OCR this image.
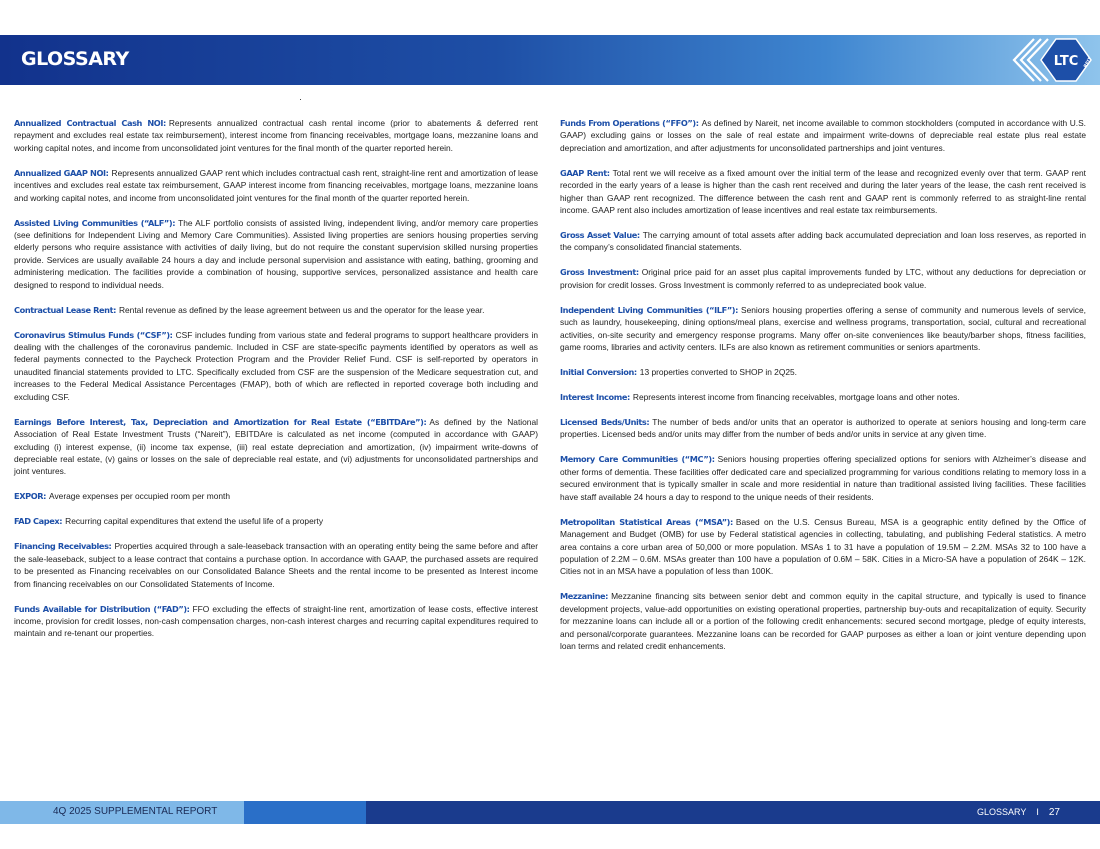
GLOSSARY	LTC REIT

Annualized Contractual Cash NOI: Represents annualized contractual cash rental income (prior to abatements & deferred rent repayment and excludes real estate tax reimbursement), interest income from financing receivables, mortgage loans, mezzanine loans and working capital notes, and income from unconsolidated joint ventures for the final month of the quarter reported herein.

Annualized GAAP NOI: Represents annualized GAAP rent which includes contractual cash rent, straight-line rent and amortization of lease incentives and excludes real estate tax reimbursement, GAAP interest income from financing receivables, mortgage loans, mezzanine loans and working capital notes, and income from unconsolidated joint ventures for the final month of the quarter reported herein.

Assisted Living Communities (“ALF”): The ALF portfolio consists of assisted living, independent living, and/or memory care properties (see definitions for Independent Living and Memory Care Communities). Assisted living properties are seniors housing properties serving elderly persons who require assistance with activities of daily living, but do not require the constant supervision skilled nursing properties provide. Services are usually available 24 hours a day and include personal supervision and assistance with eating, bathing, grooming and administering medication. The facilities provide a combination of housing, supportive services, personalized assistance and health care designed to respond to individual needs.

Contractual Lease Rent: Rental revenue as defined by the lease agreement between us and the operator for the lease year.

Coronavirus Stimulus Funds (“CSF”): CSF includes funding from various state and federal programs to support healthcare providers in dealing with the challenges of the coronavirus pandemic. Included in CSF are state-specific payments identified by operators as well as federal payments connected to the Paycheck Protection Program and the Provider Relief Fund. CSF is self-reported by operators in unaudited financial statements provided to LTC. Specifically excluded from CSF are the suspension of the Medicare sequestration cut, and increases to the Federal Medical Assistance Percentages (FMAP), both of which are reflected in reported coverage both including and excluding CSF.

Earnings Before Interest, Tax, Depreciation and Amortization for Real Estate (“EBITDAre”): As defined by the National Association of Real Estate Investment Trusts (“Nareit”), EBITDAre is calculated as net income (computed in accordance with GAAP) excluding (i) interest expense, (ii) income tax expense, (iii) real estate depreciation and amortization, (iv) impairment write-downs of depreciable real estate, (v) gains or losses on the sale of depreciable real estate, and (vi) adjustments for unconsolidated partnerships and joint ventures.

EXPOR: Average expenses per occupied room per month

FAD Capex: Recurring capital expenditures that extend the useful life of a property

Financing Receivables: Properties acquired through a sale-leaseback transaction with an operating entity being the same before and after the sale-leaseback, subject to a lease contract that contains a purchase option. In accordance with GAAP, the purchased assets are required to be presented as Financing receivables on our Consolidated Balance Sheets and the rental income to be presented as Interest income from financing receivables on our Consolidated Statements of Income.

Funds Available for Distribution (“FAD”): FFO excluding the effects of straight-line rent, amortization of lease costs, effective interest income, provision for credit losses, non-cash compensation charges, non-cash interest charges and recurring capital expenditures required to maintain and re-tenant our properties.

Funds From Operations (“FFO”): As defined by Nareit, net income available to common stockholders (computed in accordance with U.S. GAAP) excluding gains or losses on the sale of real estate and impairment write-downs of depreciable real estate plus real estate depreciation and amortization, and after adjustments for unconsolidated partnerships and joint ventures.

GAAP Rent: Total rent we will receive as a fixed amount over the initial term of the lease and recognized evenly over that term. GAAP rent recorded in the early years of a lease is higher than the cash rent received and during the later years of the lease, the cash rent received is higher than GAAP rent recognized. The difference between the cash rent and GAAP rent is commonly referred to as straight-line rental income. GAAP rent also includes amortization of lease incentives and real estate tax reimbursements.

Gross Asset Value: The carrying amount of total assets after adding back accumulated depreciation and loan loss reserves, as reported in the company’s consolidated financial statements.

Gross Investment: Original price paid for an asset plus capital improvements funded by LTC, without any deductions for depreciation or provision for credit losses. Gross Investment is commonly referred to as undepreciated book value.

Independent Living Communities (“ILF”): Seniors housing properties offering a sense of community and numerous levels of service, such as laundry, housekeeping, dining options/meal plans, exercise and wellness programs, transportation, social, cultural and recreational activities, on-site security and emergency response programs. Many offer on-site conveniences like beauty/barber shops, fitness facilities, game rooms, libraries and activity centers. ILFs are also known as retirement communities or seniors apartments.

Initial Conversion: 13 properties converted to SHOP in 2Q25.

Interest Income: Represents interest income from financing receivables, mortgage loans and other notes.

Licensed Beds/Units: The number of beds and/or units that an operator is authorized to operate at seniors housing and long-term care properties. Licensed beds and/or units may differ from the number of beds and/or units in service at any given time.

Memory Care Communities (“MC”): Seniors housing properties offering specialized options for seniors with Alzheimer’s disease and other forms of dementia. These facilities offer dedicated care and specialized programming for various conditions relating to memory loss in a secured environment that is typically smaller in scale and more residential in nature than traditional assisted living facilities. These facilities have staff available 24 hours a day to respond to the unique needs of their residents.

Metropolitan Statistical Areas (“MSA”): Based on the U.S. Census Bureau, MSA is a geographic entity defined by the Office of Management and Budget (OMB) for use by Federal statistical agencies in collecting, tabulating, and publishing Federal statistics. A metro area contains a core urban area of 50,000 or more population. MSAs 1 to 31 have a population of 19.5M – 2.2M. MSAs 32 to 100 have a population of 2.2M – 0.6M. MSAs greater than 100 have a population of 0.6M – 58K. Cities in a Micro-SA have a population of 264K – 12K. Cities not in an MSA have a population of less than 100K.

Mezzanine: Mezzanine financing sits between senior debt and common equity in the capital structure, and typically is used to finance development projects, value-add opportunities on existing operational properties, partnership buy-outs and recapitalization of equity. Security for mezzanine loans can include all or a portion of the following credit enhancements: secured second mortgage, pledge of equity interests, and personal/corporate guarantees. Mezzanine loans can be recorded for GAAP purposes as either a loan or joint venture depending upon loan terms and related credit enhancements.

4Q 2025 SUPPLEMENTAL REPORT	GLOSSARY I 27
